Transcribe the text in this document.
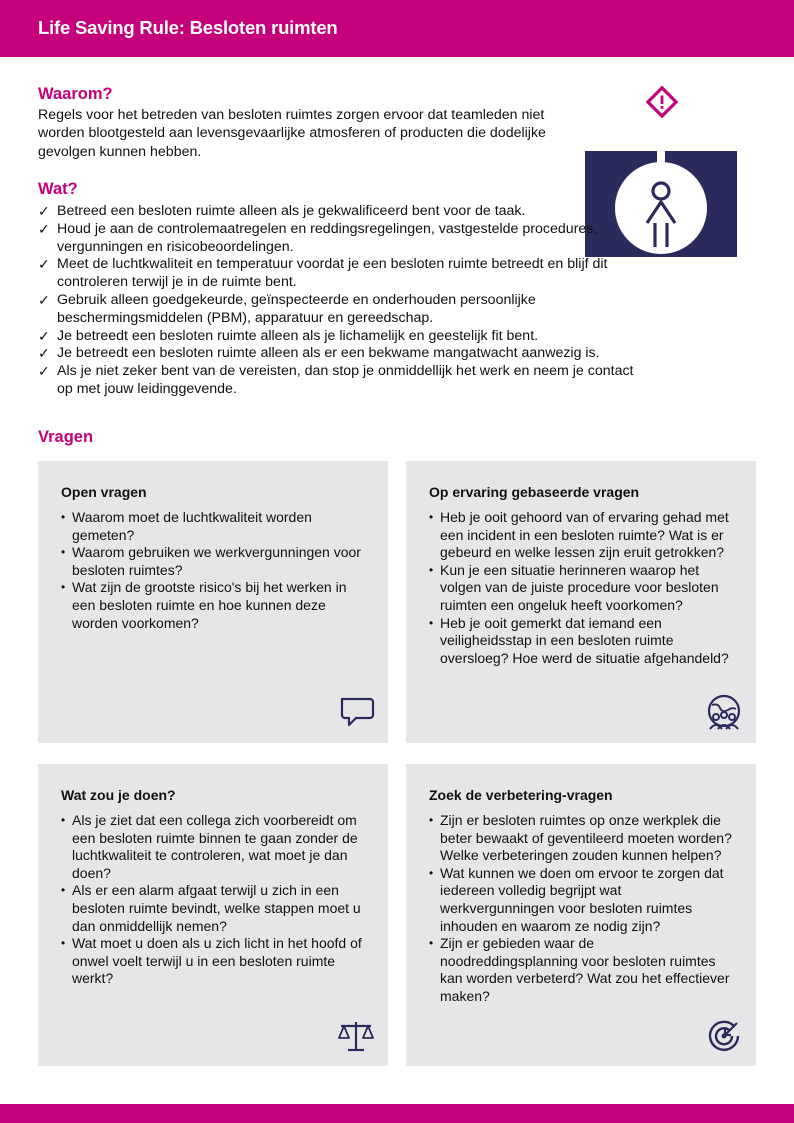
Life Saving Rule: Besloten ruimten
Waarom?

Regels voor het betreden van besloten ruimtes zorgen ervoor dat teamleden niet worden blootgesteld aan levensgevaarlijke atmosferen of producten die dodelijke gevolgen kunnen hebben.

Wat?
✓ Betreed een besloten ruimte alleen als je gekwalificeerd bent voor de taak.
✓ Houd je aan de controlemaatregelen en reddingsregelingen, vastgestelde procedures, vergunningen en risicobeoordelingen.
✓ Meet de luchtkwaliteit en temperatuur voordat je een besloten ruimte betreedt en blijf dit controleren terwijl je in de ruimte bent.
✓ Gebruik alleen goedgekeurde, geïnspecteerde en onderhouden persoonlijke beschermingsmiddelen (PBM), apparatuur en gereedschap.
✓ Je betreedt een besloten ruimte alleen als je lichamelijk en geestelijk fit bent.
✓ Je betreedt een besloten ruimte alleen als er een bekwame mangatwacht aanwezig is.
✓ Als je niet zeker bent van de vereisten, dan stop je onmiddellijk het werk en neem je contact op met jouw leidinggevende.
Vragen
Open vragen
• Waarom moet de luchtkwaliteit worden gemeten?
• Waarom gebruiken we werkvergunningen voor besloten ruimtes?
• Wat zijn de grootste risico's bij het werken in een besloten ruimte en hoe kunnen deze worden voorkomen?
Op ervaring gebaseerde vragen
• Heb je ooit gehoord van of ervaring gehad met een incident in een besloten ruimte? Wat is er gebeurd en welke lessen zijn eruit getrokken?
• Kun je een situatie herinneren waarop het volgen van de juiste procedure voor besloten ruimten een ongeluk heeft voorkomen?
• Heb je ooit gemerkt dat iemand een veiligheidsstap in een besloten ruimte oversloeg? Hoe werd de situatie afgehandeld?
Wat zou je doen?
• Als je ziet dat een collega zich voorbereidt om een besloten ruimte binnen te gaan zonder de luchtkwaliteit te controleren, wat moet je dan doen?
• Als er een alarm afgaat terwijl u zich in een besloten ruimte bevindt, welke stappen moet u dan onmiddellijk nemen?
• Wat moet u doen als u zich licht in het hoofd of onwel voelt terwijl u in een besloten ruimte werkt?
Zoek de verbetering-vragen
• Zijn er besloten ruimtes op onze werkplek die beter bewaakt of geventileerd moeten worden? Welke verbeteringen zouden kunnen helpen?
• Wat kunnen we doen om ervoor te zorgen dat iedereen volledig begrijpt wat werkvergunningen voor besloten ruimtes inhouden en waarom ze nodig zijn?
• Zijn er gebieden waar de noodreddingsplanning voor besloten ruimtes kan worden verbeterd? Wat zou het effectiever maken?
